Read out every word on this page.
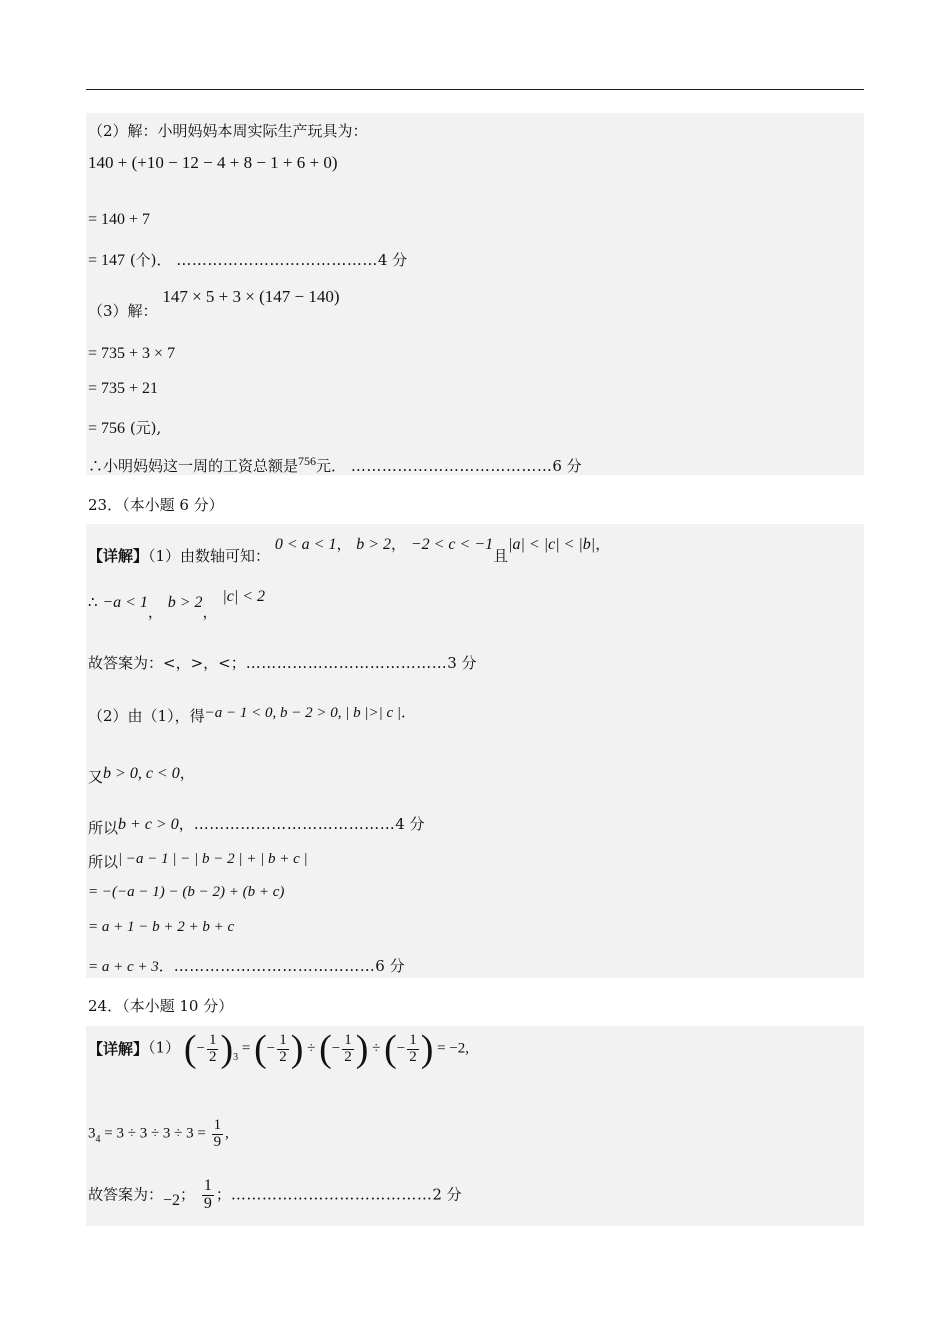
（2）解：小明妈妈本周实际生产玩具为：
140 + (+10 − 12 − 4 + 8 − 1 + 6 + 0)
= 140 + 7
= 147 (个)． …………………………………4 分
（3）解： 147 × 5 + 3 × (147 − 140)
= 735 + 3 × 7
= 735 + 21
= 756 (元),
∴小明妈妈这一周的工资总额是$^{756}$元． …………………………………6 分
23．（本小题 6 分）
【详解】（1）由数轴可知： 0 < a < 1， b > 2， −2 < c < −1且|a| < |c| < |b|，
∴ −a < 1， b > 2， |c| < 2
故答案为：<，>，<；…………………………………3 分
（2）由（1），得−a − 1 < 0, b − 2 > 0, | b |>| c |．
又b > 0, c < 0，
所以b + c > 0，…………………………………4 分
所以| −a − 1 | − | b − 2 | + | b + c |
= −(−a − 1) − (b − 2) + (b + c)
= a + 1 − b + 2 + b + c
= a + c + 3．…………………………………6 分
24．（本小题 10 分）
【详解】（1） (− $\frac{1}{2} )_3$ = (− $\frac{1}{2}$ ) ÷ (− $\frac{1}{2}$ ) ÷ (− $\frac{1}{2}$ ) = −2,
$3_4 = 3 \div 3 \div 3 \div 3 = \frac{1}{9}$ ,
故答案为：−2； $\frac{1}{9}$ ；…………………………………2 分
